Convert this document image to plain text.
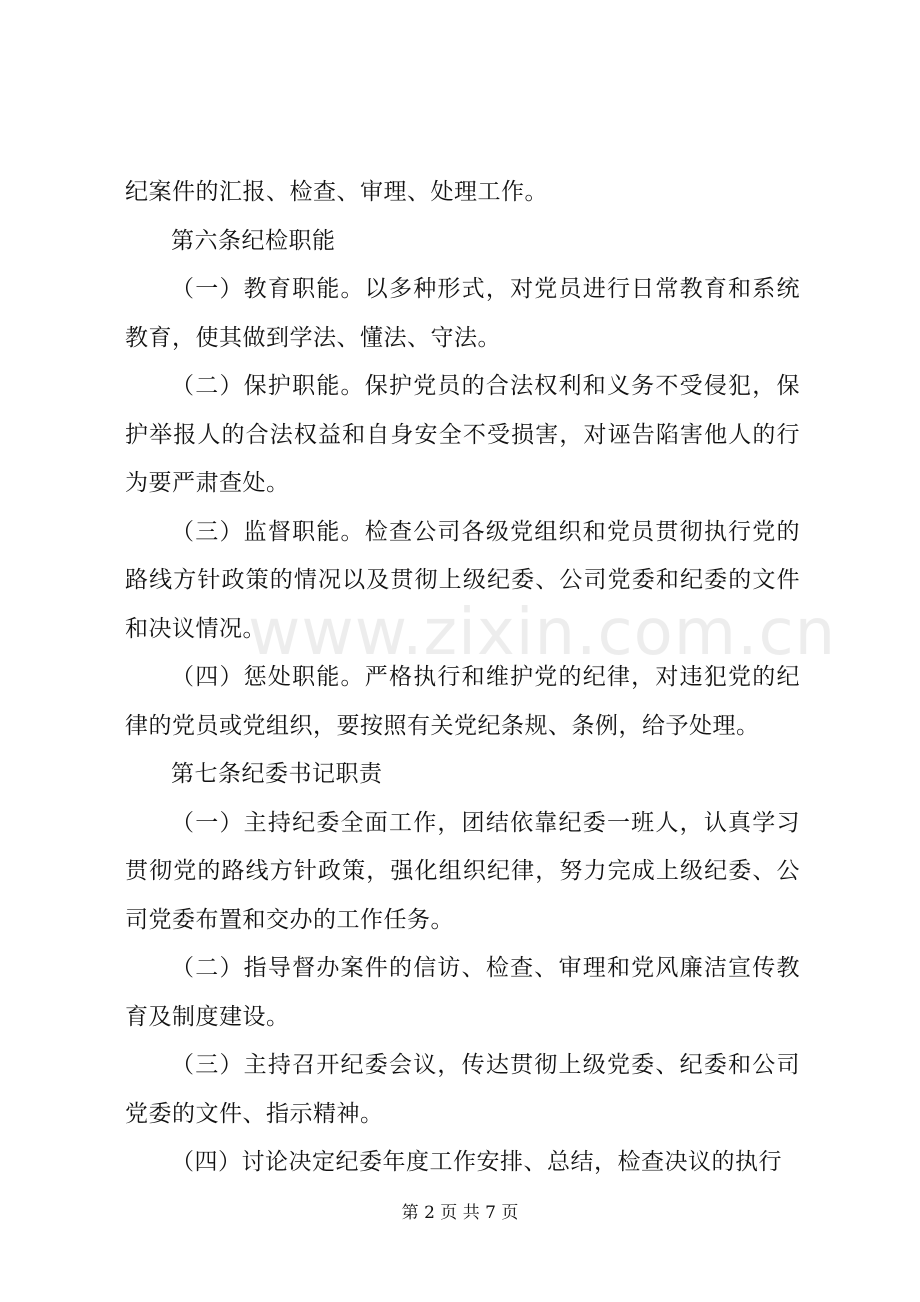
纪案件的汇报、检查、审理、处理工作。

第六条纪检职能

（一）教育职能。以多种形式，对党员进行日常教育和系统教育，使其做到学法、懂法、守法。

（二）保护职能。保护党员的合法权利和义务不受侵犯，保护举报人的合法权益和自身安全不受损害，对诬告陷害他人的行为要严肃查处。

（三）监督职能。检查公司各级党组织和党员贯彻执行党的路线方针政策的情况以及贯彻上级纪委、公司党委和纪委的文件和决议情况。

（四）惩处职能。严格执行和维护党的纪律，对违犯党的纪律的党员或党组织，要按照有关党纪条规、条例，给予处理。

第七条纪委书记职责

（一）主持纪委全面工作，团结依靠纪委一班人，认真学习贯彻党的路线方针政策，强化组织纪律，努力完成上级纪委、公司党委布置和交办的工作任务。

（二）指导督办案件的信访、检查、审理和党风廉洁宣传教育及制度建设。

（三）主持召开纪委会议，传达贯彻上级党委、纪委和公司党委的文件、指示精神。

（四）讨论决定纪委年度工作安排、总结，检查决议的执行

www.zixin.com.cn
第 2 页 共 7 页
